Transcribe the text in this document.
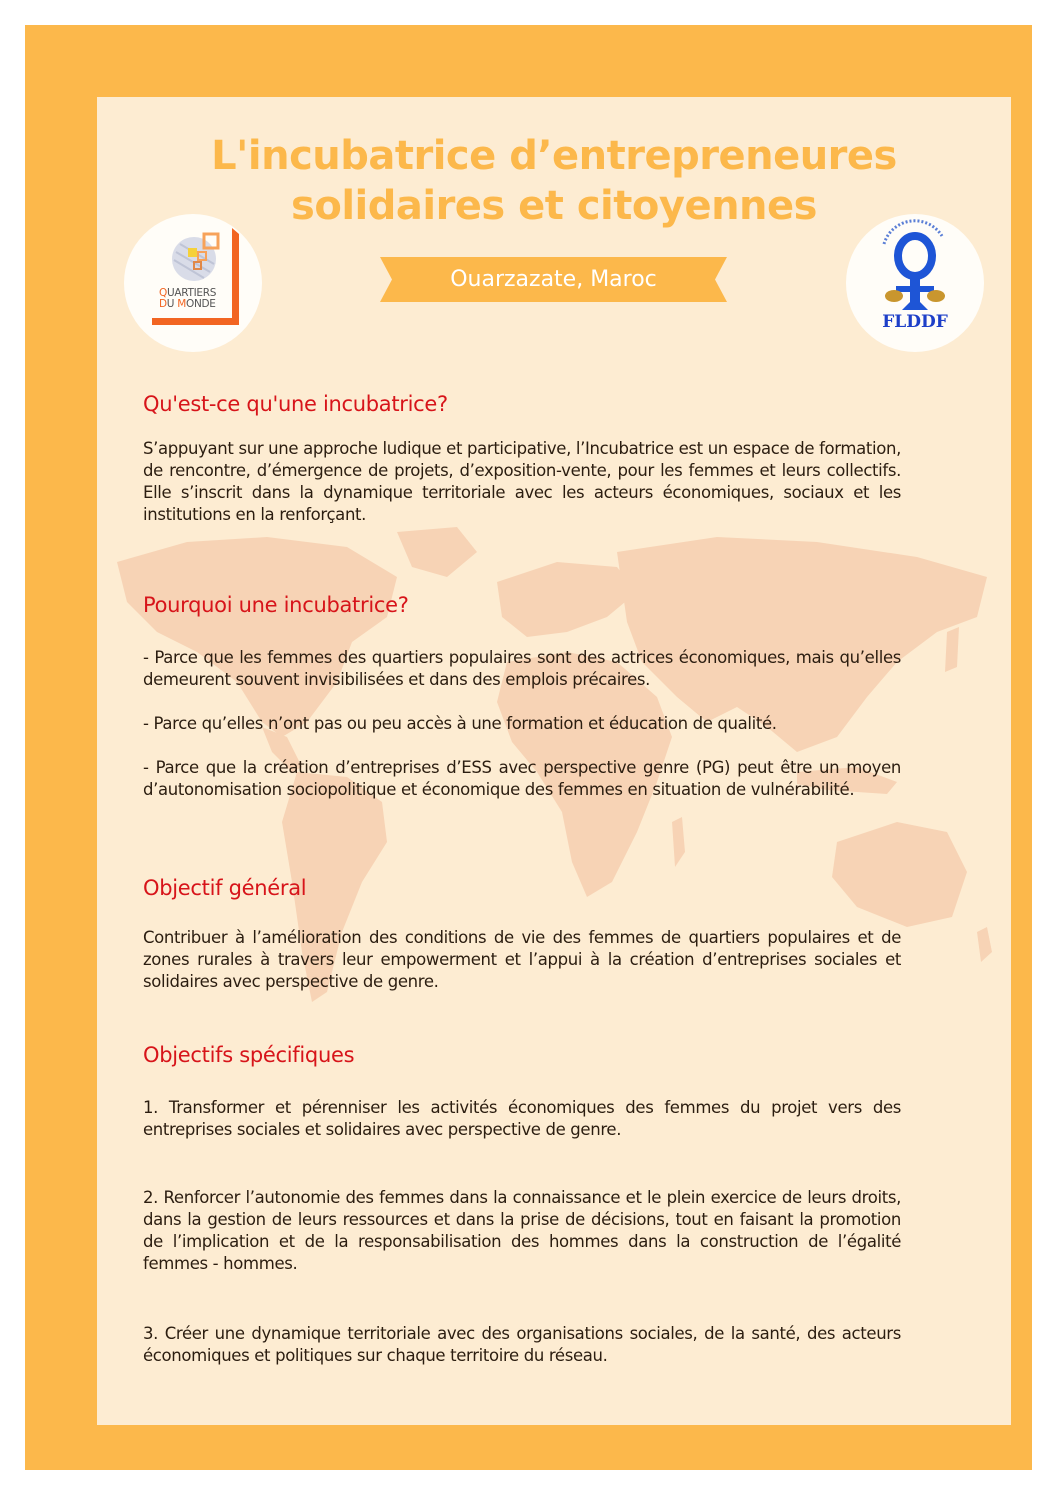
L'incubatrice d’entrepreneures
solidaires et citoyennes
Ouarzazate, Maroc
QUARTIERS
DU MONDE
FLDDF
Qu'est-ce qu'une incubatrice?

S’appuyant sur une approche ludique et participative, l’Incubatrice est un espace de formation, de rencontre, d’émergence de projets, d’exposition-vente, pour les femmes et leurs collectifs. Elle s’inscrit dans la dynamique territoriale avec les acteurs économiques, sociaux et les institutions en la renforçant.

Pourquoi une incubatrice?

- Parce que les femmes des quartiers populaires sont des actrices économiques, mais qu’elles demeurent souvent invisibilisées et dans des emplois précaires.

- Parce qu’elles n’ont pas ou peu accès à une formation et éducation de qualité.

- Parce que la création d’entreprises d’ESS avec perspective genre (PG) peut être un moyen d’autonomisation sociopolitique et économique des femmes en situation de vulnérabilité.

Objectif général

Contribuer à l’amélioration des conditions de vie des femmes de quartiers populaires et de zones rurales à travers leur empowerment et l’appui à la création d’entreprises sociales et solidaires avec perspective de genre.

Objectifs spécifiques

1. Transformer et pérenniser les activités économiques des femmes du projet vers des entreprises sociales et solidaires avec perspective de genre.

2. Renforcer l’autonomie des femmes dans la connaissance et le plein exercice de leurs droits, dans la gestion de leurs ressources et dans la prise de décisions, tout en faisant la promotion de l’implication et de la responsabilisation des hommes dans la construction de l’égalité femmes - hommes.

3. Créer une dynamique territoriale avec des organisations sociales, de la santé, des acteurs économiques et politiques sur chaque territoire du réseau.
